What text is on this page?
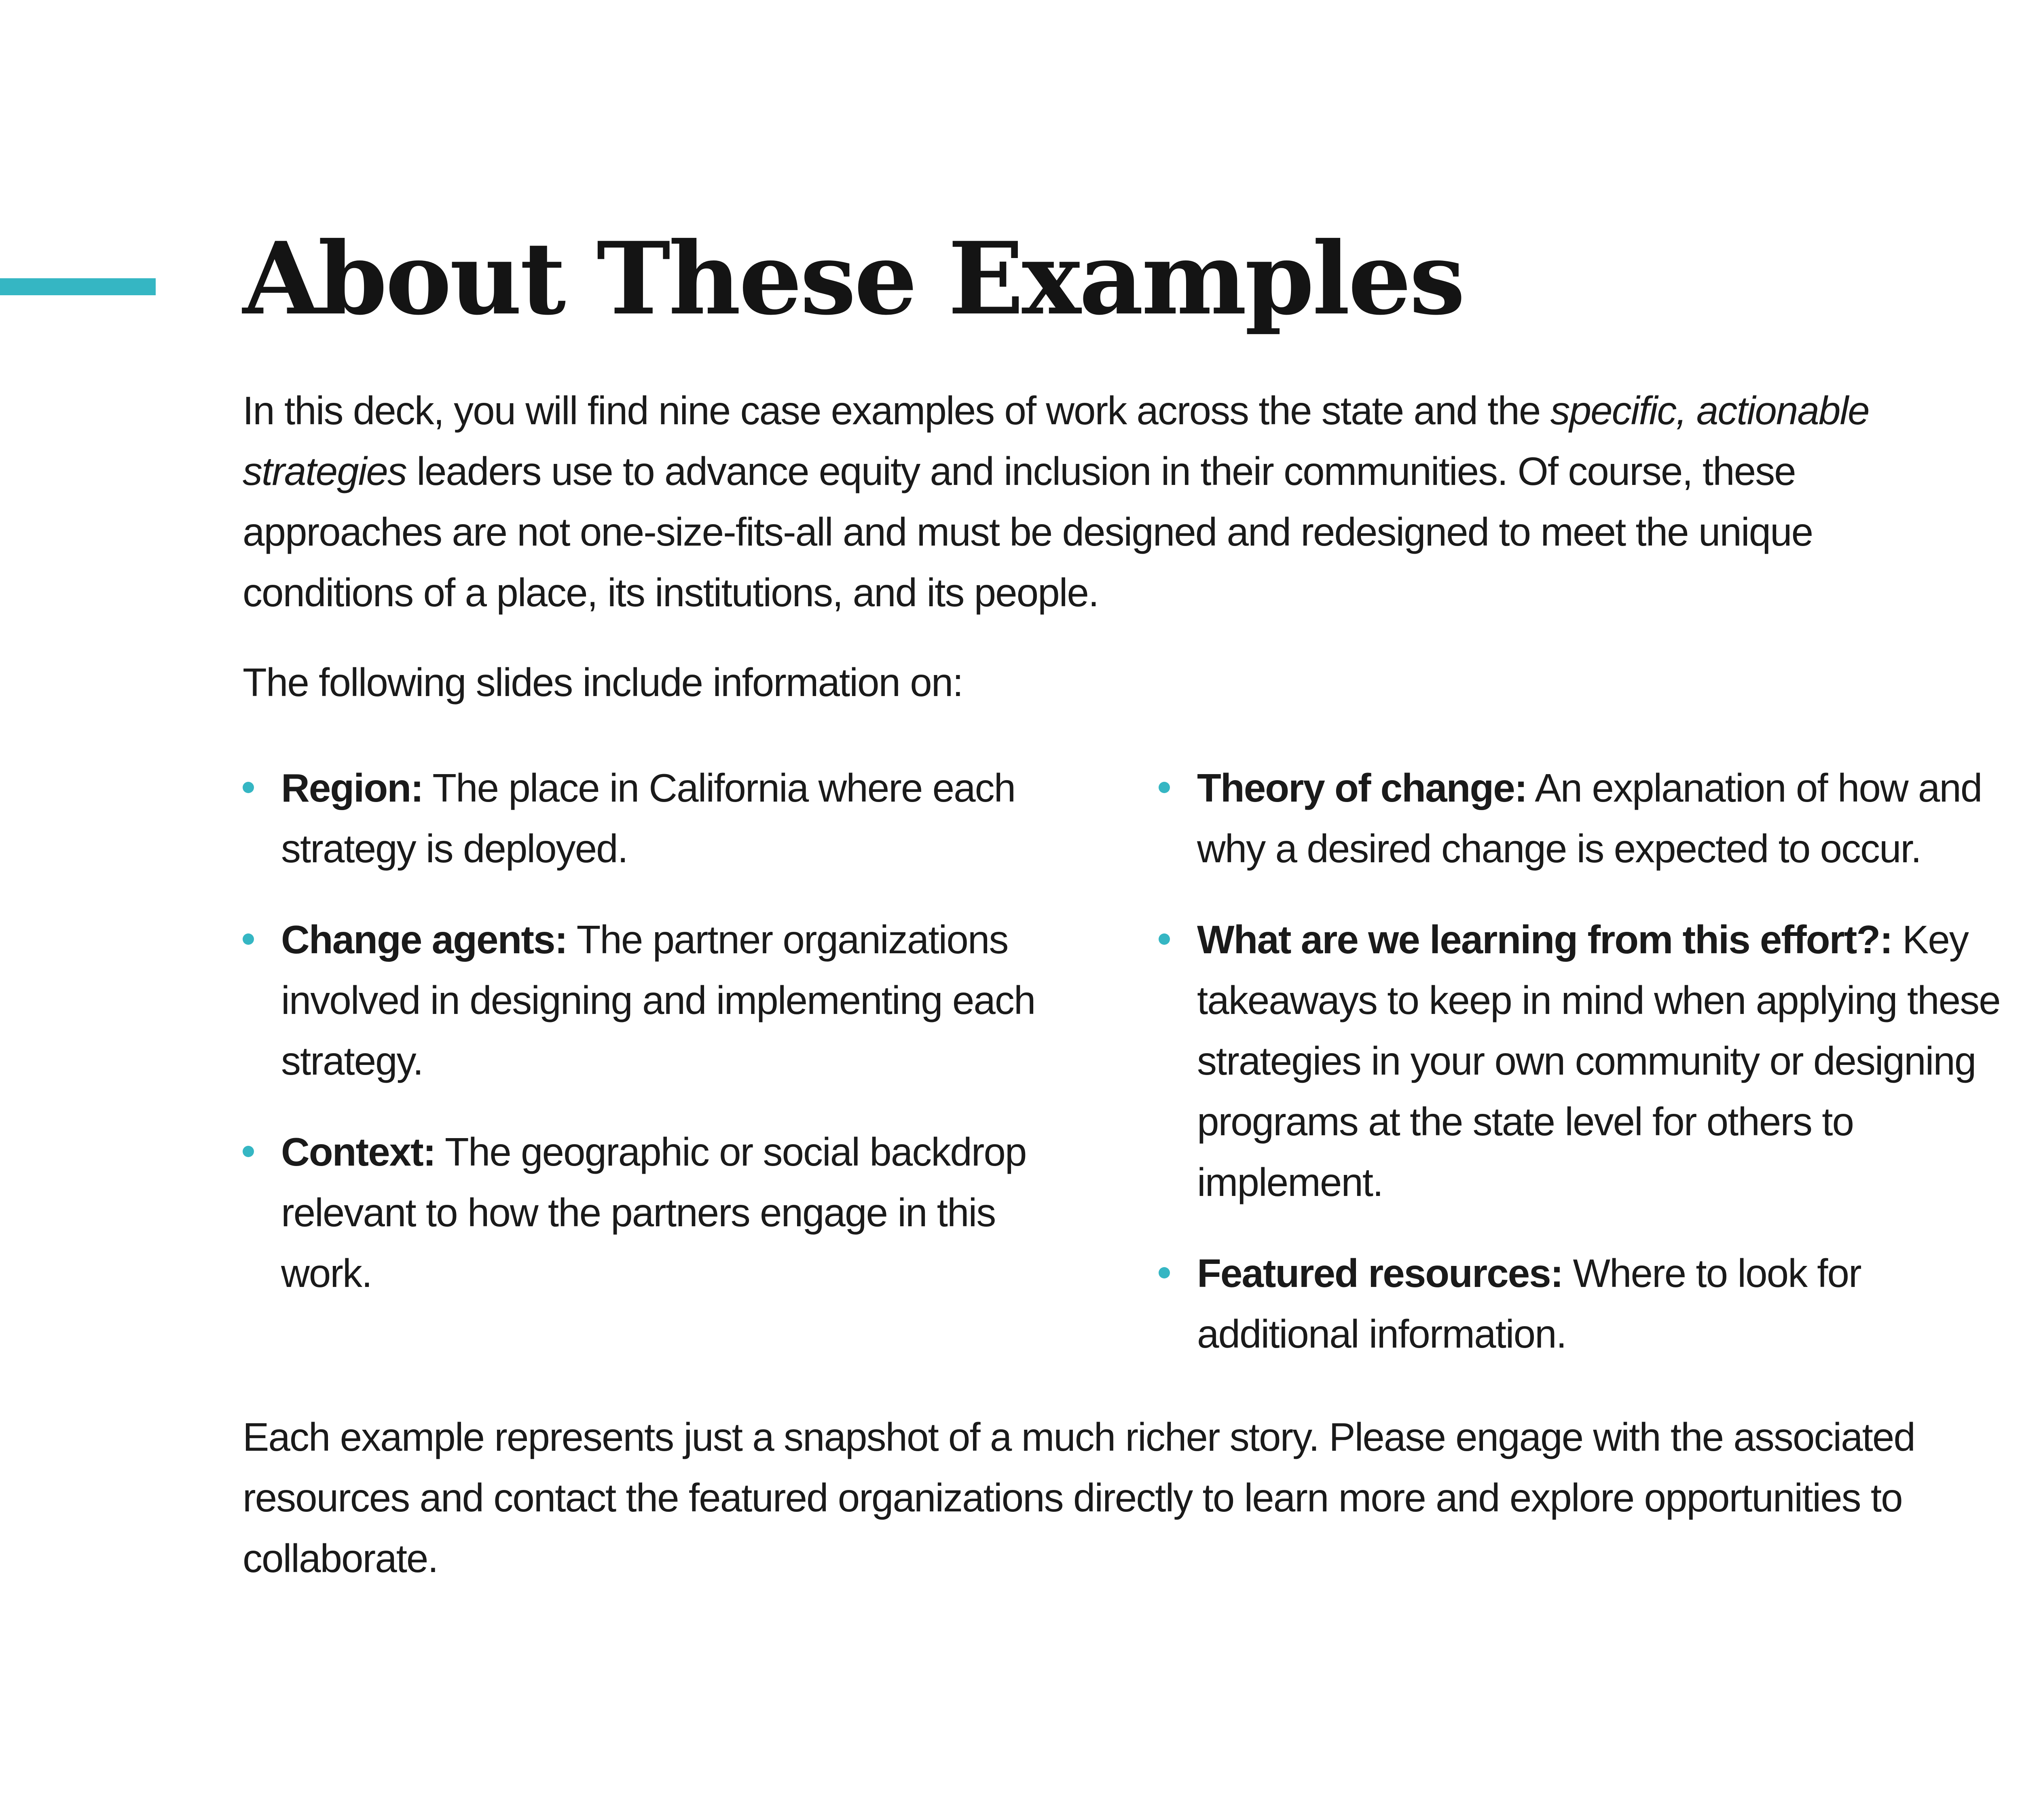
About These Examples

In this deck, you will find nine case examples of work across the state and the specific, actionable strategies leaders use to advance equity and inclusion in their communities. Of course, these approaches are not one-size-fits-all and must be designed and redesigned to meet the unique conditions of a place, its institutions, and its people.

The following slides include information on:

Region: The place in California where each strategy is deployed.
Change agents: The partner organizations involved in designing and implementing each strategy.
Context: The geographic or social backdrop relevant to how the partners engage in this work.
Theory of change: An explanation of how and why a desired change is expected to occur.
What are we learning from this effort?: Key takeaways to keep in mind when applying these strategies in your own community or designing programs at the state level for others to implement.
Featured resources: Where to look for additional information.

Each example represents just a snapshot of a much richer story. Please engage with the associated resources and contact the featured organizations directly to learn more and explore opportunities to collaborate.
